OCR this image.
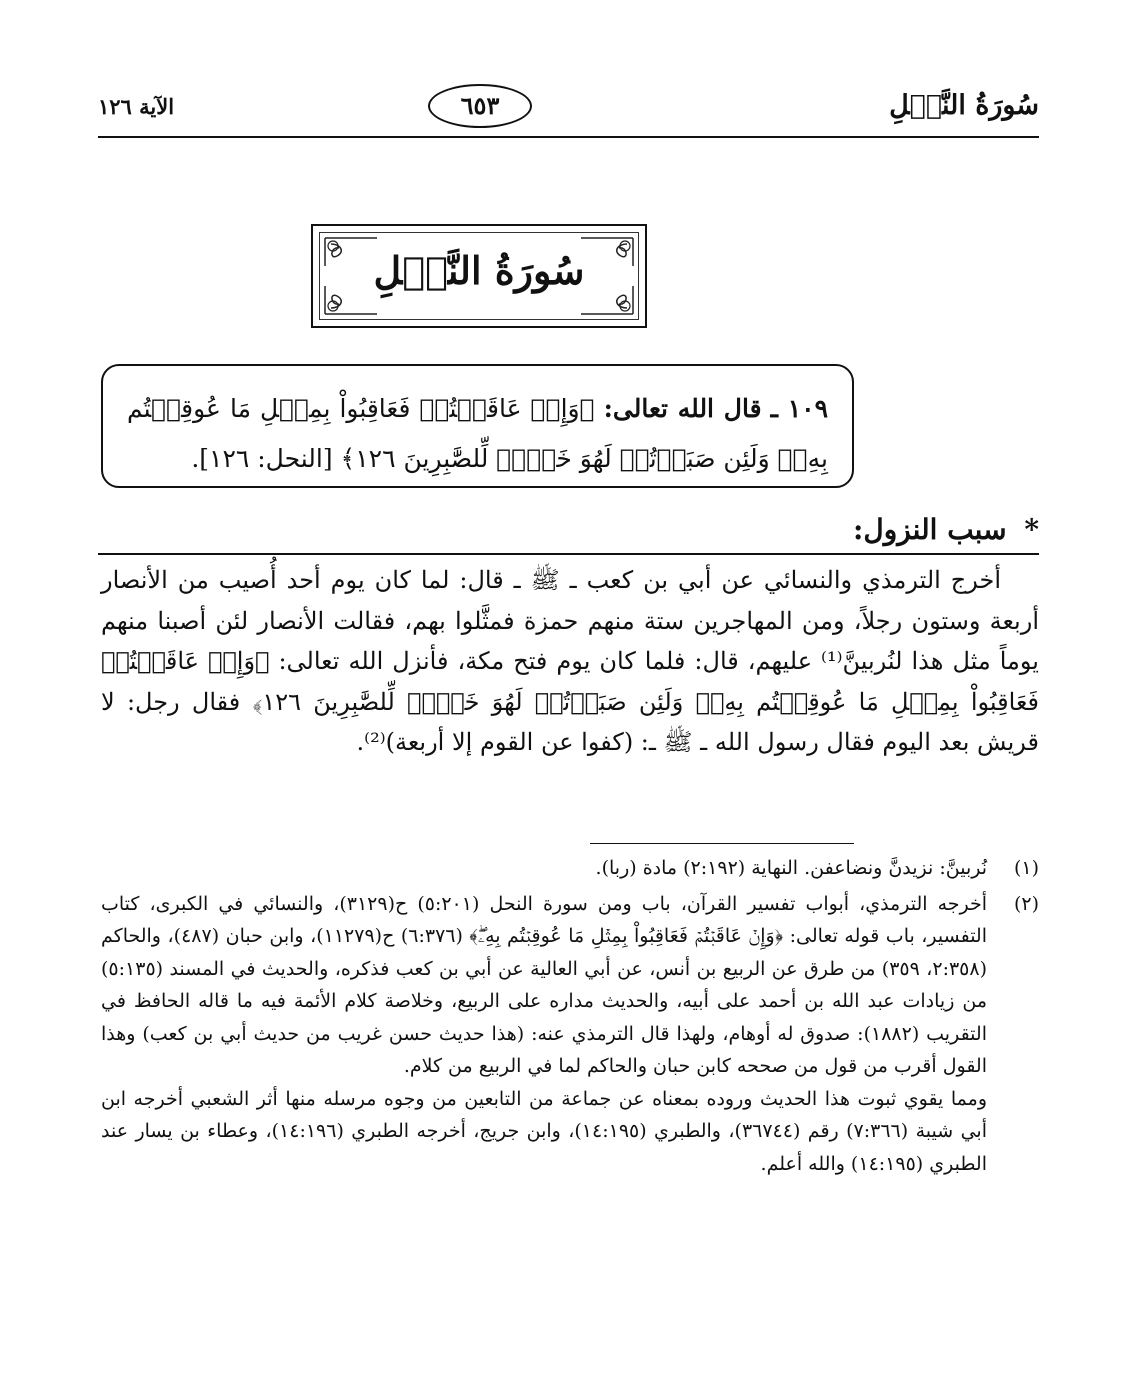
سُورَةُ النَّحۡلِ
٦٥٣
الآية ١٢٦
سُورَةُ النَّحۡلِ
١٠٩ ـ قال الله تعالى: ﴿وَإِنۡ عَاقَبۡتُمۡ فَعَاقِبُواْ بِمِثۡلِ مَا عُوقِبۡتُم بِهِۦۖ وَلَئِن صَبَرۡتُمۡ لَهُوَ خَيۡرٞ لِّلصَّٰبِرِينَ ١٢٦﴾ [النحل: ١٢٦].
* سبب النزول:

أخرج الترمذي والنسائي عن أبي بن كعب ـ ﷺ ـ قال: لما كان يوم أحد أُصيب من الأنصار أربعة وستون رجلاً، ومن المهاجرين ستة منهم حمزة فمثَّلوا بهم، فقالت الأنصار لئن أصبنا منهم يوماً مثل هذا لنُربينَّ⁽¹⁾ عليهم، قال: فلما كان يوم فتح مكة، فأنزل الله تعالى: ﴿وَإِنۡ عَاقَبۡتُمۡ فَعَاقِبُواْ بِمِثۡلِ مَا عُوقِبۡتُم بِهِۦۖ وَلَئِن صَبَرۡتُمۡ لَهُوَ خَيۡرٞ لِّلصَّٰبِرِينَ ١٢٦﴾ فقال رجل: لا قريش بعد اليوم فقال رسول الله ـ ﷺ ـ: (كفوا عن القوم إلا أربعة)⁽²⁾.

(١)

نُربينَّ: نزيدنَّ ونضاعفن. النهاية (٢:١٩٢) مادة (ربا).

(٢)

أخرجه الترمذي، أبواب تفسير القرآن، باب ومن سورة النحل (٥:٢٠١) ح(٣١٢٩)، والنسائي في الكبرى، كتاب التفسير، باب قوله تعالى: ﴿وَإِنۡ عَاقَبۡتُمۡ فَعَاقِبُواْ بِمِثۡلِ مَا عُوقِبۡتُم بِهِۦۖ﴾ (٦:٣٧٦) ح(١١٢٧٩)، وابن حبان (٤٨٧)، والحاكم (٢:٣٥٨، ٣٥٩) من طرق عن الربيع بن أنس، عن أبي العالية عن أبي بن كعب فذكره، والحديث في المسند (٥:١٣٥) من زيادات عبد الله بن أحمد على أبيه، والحديث مداره على الربيع، وخلاصة كلام الأئمة فيه ما قاله الحافظ في التقريب (١٨٨٢): صدوق له أوهام، ولهذا قال الترمذي عنه: (هذا حديث حسن غريب من حديث أبي بن كعب) وهذا القول أقرب من قول من صححه كابن حبان والحاكم لما في الربيع من كلام.

ومما يقوي ثبوت هذا الحديث وروده بمعناه عن جماعة من التابعين من وجوه مرسله منها أثر الشعبي أخرجه ابن أبي شيبة (٧:٣٦٦) رقم (٣٦٧٤٤)، والطبري (١٤:١٩٥)، وابن جريج، أخرجه الطبري (١٤:١٩٦)، وعطاء بن يسار عند الطبري (١٤:١٩٥) والله أعلم.
